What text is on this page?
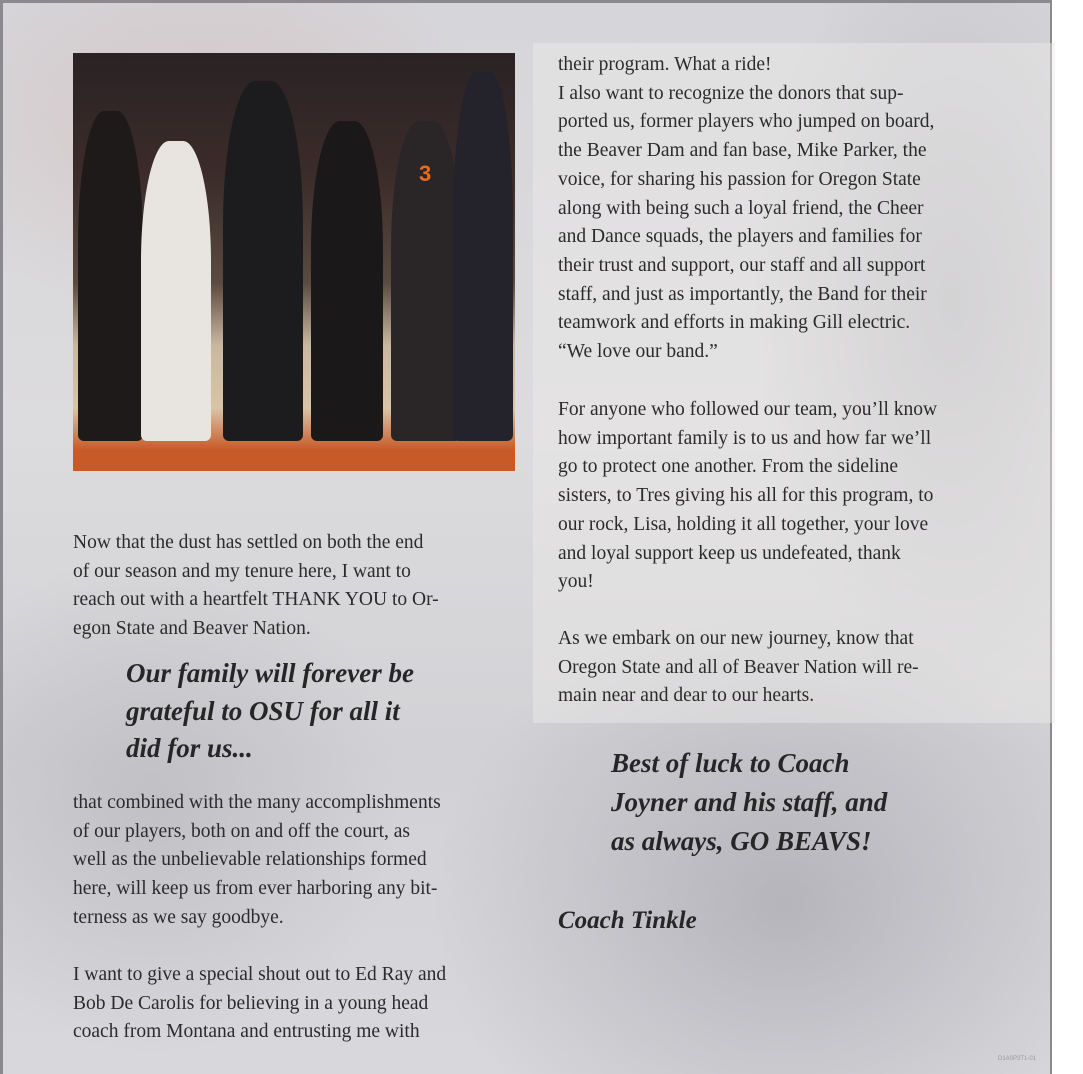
3
Now that the dust has settled on both the end
of our season and my tenure here, I want to
reach out with a heartfelt THANK YOU to Or-
egon State and Beaver Nation.
Our family will forever be
grateful to OSU for all it
did for us...
that combined with the many accomplishments
of our players, both on and off the court, as
well as the unbelievable relationships formed
here, will keep us from ever harboring any bit-
terness as we say goodbye.
I want to give a special shout out to Ed Ray and
Bob De Carolis for believing in a young head
coach from Montana and entrusting me with
their program. What a ride!
I also want to recognize the donors that sup-
ported us, former players who jumped on board,
the Beaver Dam and fan base, Mike Parker, the
voice, for sharing his passion for Oregon State
along with being such a loyal friend, the Cheer
and Dance squads, the players and families for
their trust and support, our staff and all support
staff, and just as importantly, the Band for their
teamwork and efforts in making Gill electric.
“We love our band.”
For anyone who followed our team, you’ll know
how important family is to us and how far we’ll
go to protect one another. From the sideline
sisters, to Tres giving his all for this program, to
our rock, Lisa, holding it all together, your love
and loyal support keep us undefeated, thank
you!
As we embark on our new journey, know that
Oregon State and all of Beaver Nation will re-
main near and dear to our hearts.
Best of luck to Coach
Joyner and his staff, and
as always, GO BEAVS!
Coach Tinkle
D1A0P3T1-01
